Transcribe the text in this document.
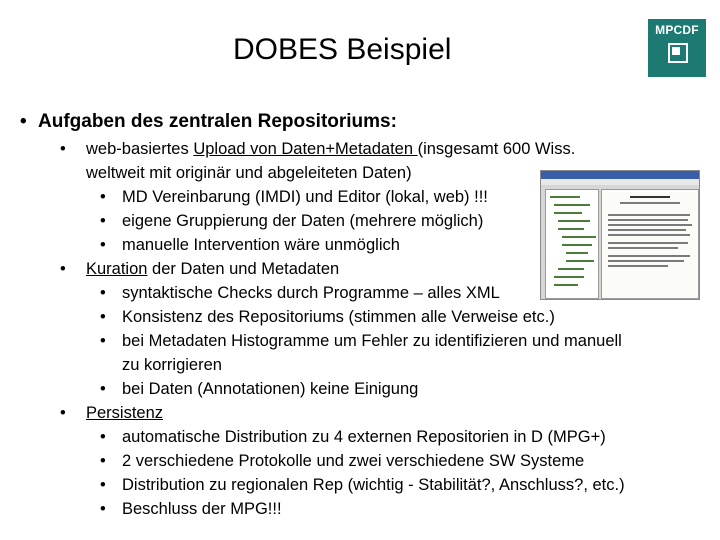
DOBES Beispiel
MPCDF
• Aufgaben des zentralen Repositoriums:
• web-basiertes Upload von Daten+Metadaten (insgesamt 600 Wiss.
weltweit mit originär und abgeleiteten Daten)
• MD Vereinbarung (IMDI) und Editor (lokal, web) !!!
• eigene Gruppierung der Daten (mehrere möglich)
• manuelle Intervention wäre unmöglich
• Kuration der Daten und Metadaten
• syntaktische Checks durch Programme – alles XML
• Konsistenz des Repositoriums (stimmen alle Verweise etc.)
• bei Metadaten Histogramme um Fehler zu identifizieren und manuell
zu korrigieren
• bei Daten (Annotationen) keine Einigung
• Persistenz
• automatische Distribution zu 4 externen Repositorien in D (MPG+)
• 2 verschiedene Protokolle und zwei verschiedene SW Systeme
• Distribution zu regionalen Rep (wichtig - Stabilität?, Anschluss?, etc.)
• Beschluss der MPG!!!
